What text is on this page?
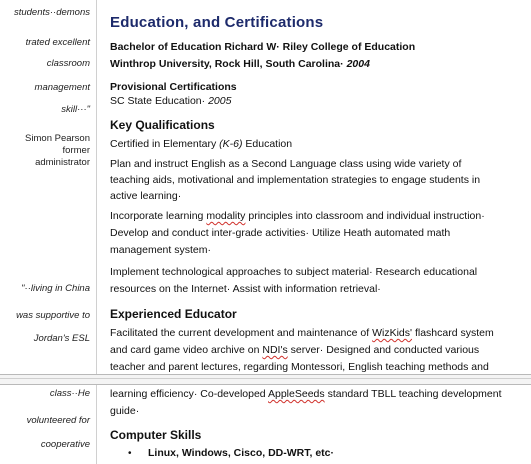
students··demons
trated excellent
classroom
management
skill···"
Simon Pearson
former
administrator
"··living in China
was supportive to
Jordan's ESL
class··He
volunteered for
cooperative
Education, and Certifications
Bachelor of Education Richard W· Riley College of Education
Winthrop University, Rock Hill, South Carolina· 2004
Provisional Certifications
SC State Education· 2005
Key Qualifications
Certified in Elementary (K-6) Education
Plan and instruct English as a Second Language class using wide variety of
teaching aids, motivational and implementation strategies to engage students in
active learning·
Incorporate learning modality principles into classroom and individual instruction·
Develop and conduct inter-grade activities· Utilize Heath automated math
management system·
Implement technological approaches to subject material· Research educational
resources on the Internet· Assist with information retrieval·
Experienced Educator
Facilitated the current development and maintenance of WizKids' flashcard system
and card game video archive on NDI's server· Designed and conducted various
teacher and parent lectures, regarding Montessori, English teaching methods and
learning efficiency· Co-developed AppleSeeds standard TBLL teaching development
guide·
Computer Skills
• Linux, Windows, Cisco, DD-WRT, etc·
